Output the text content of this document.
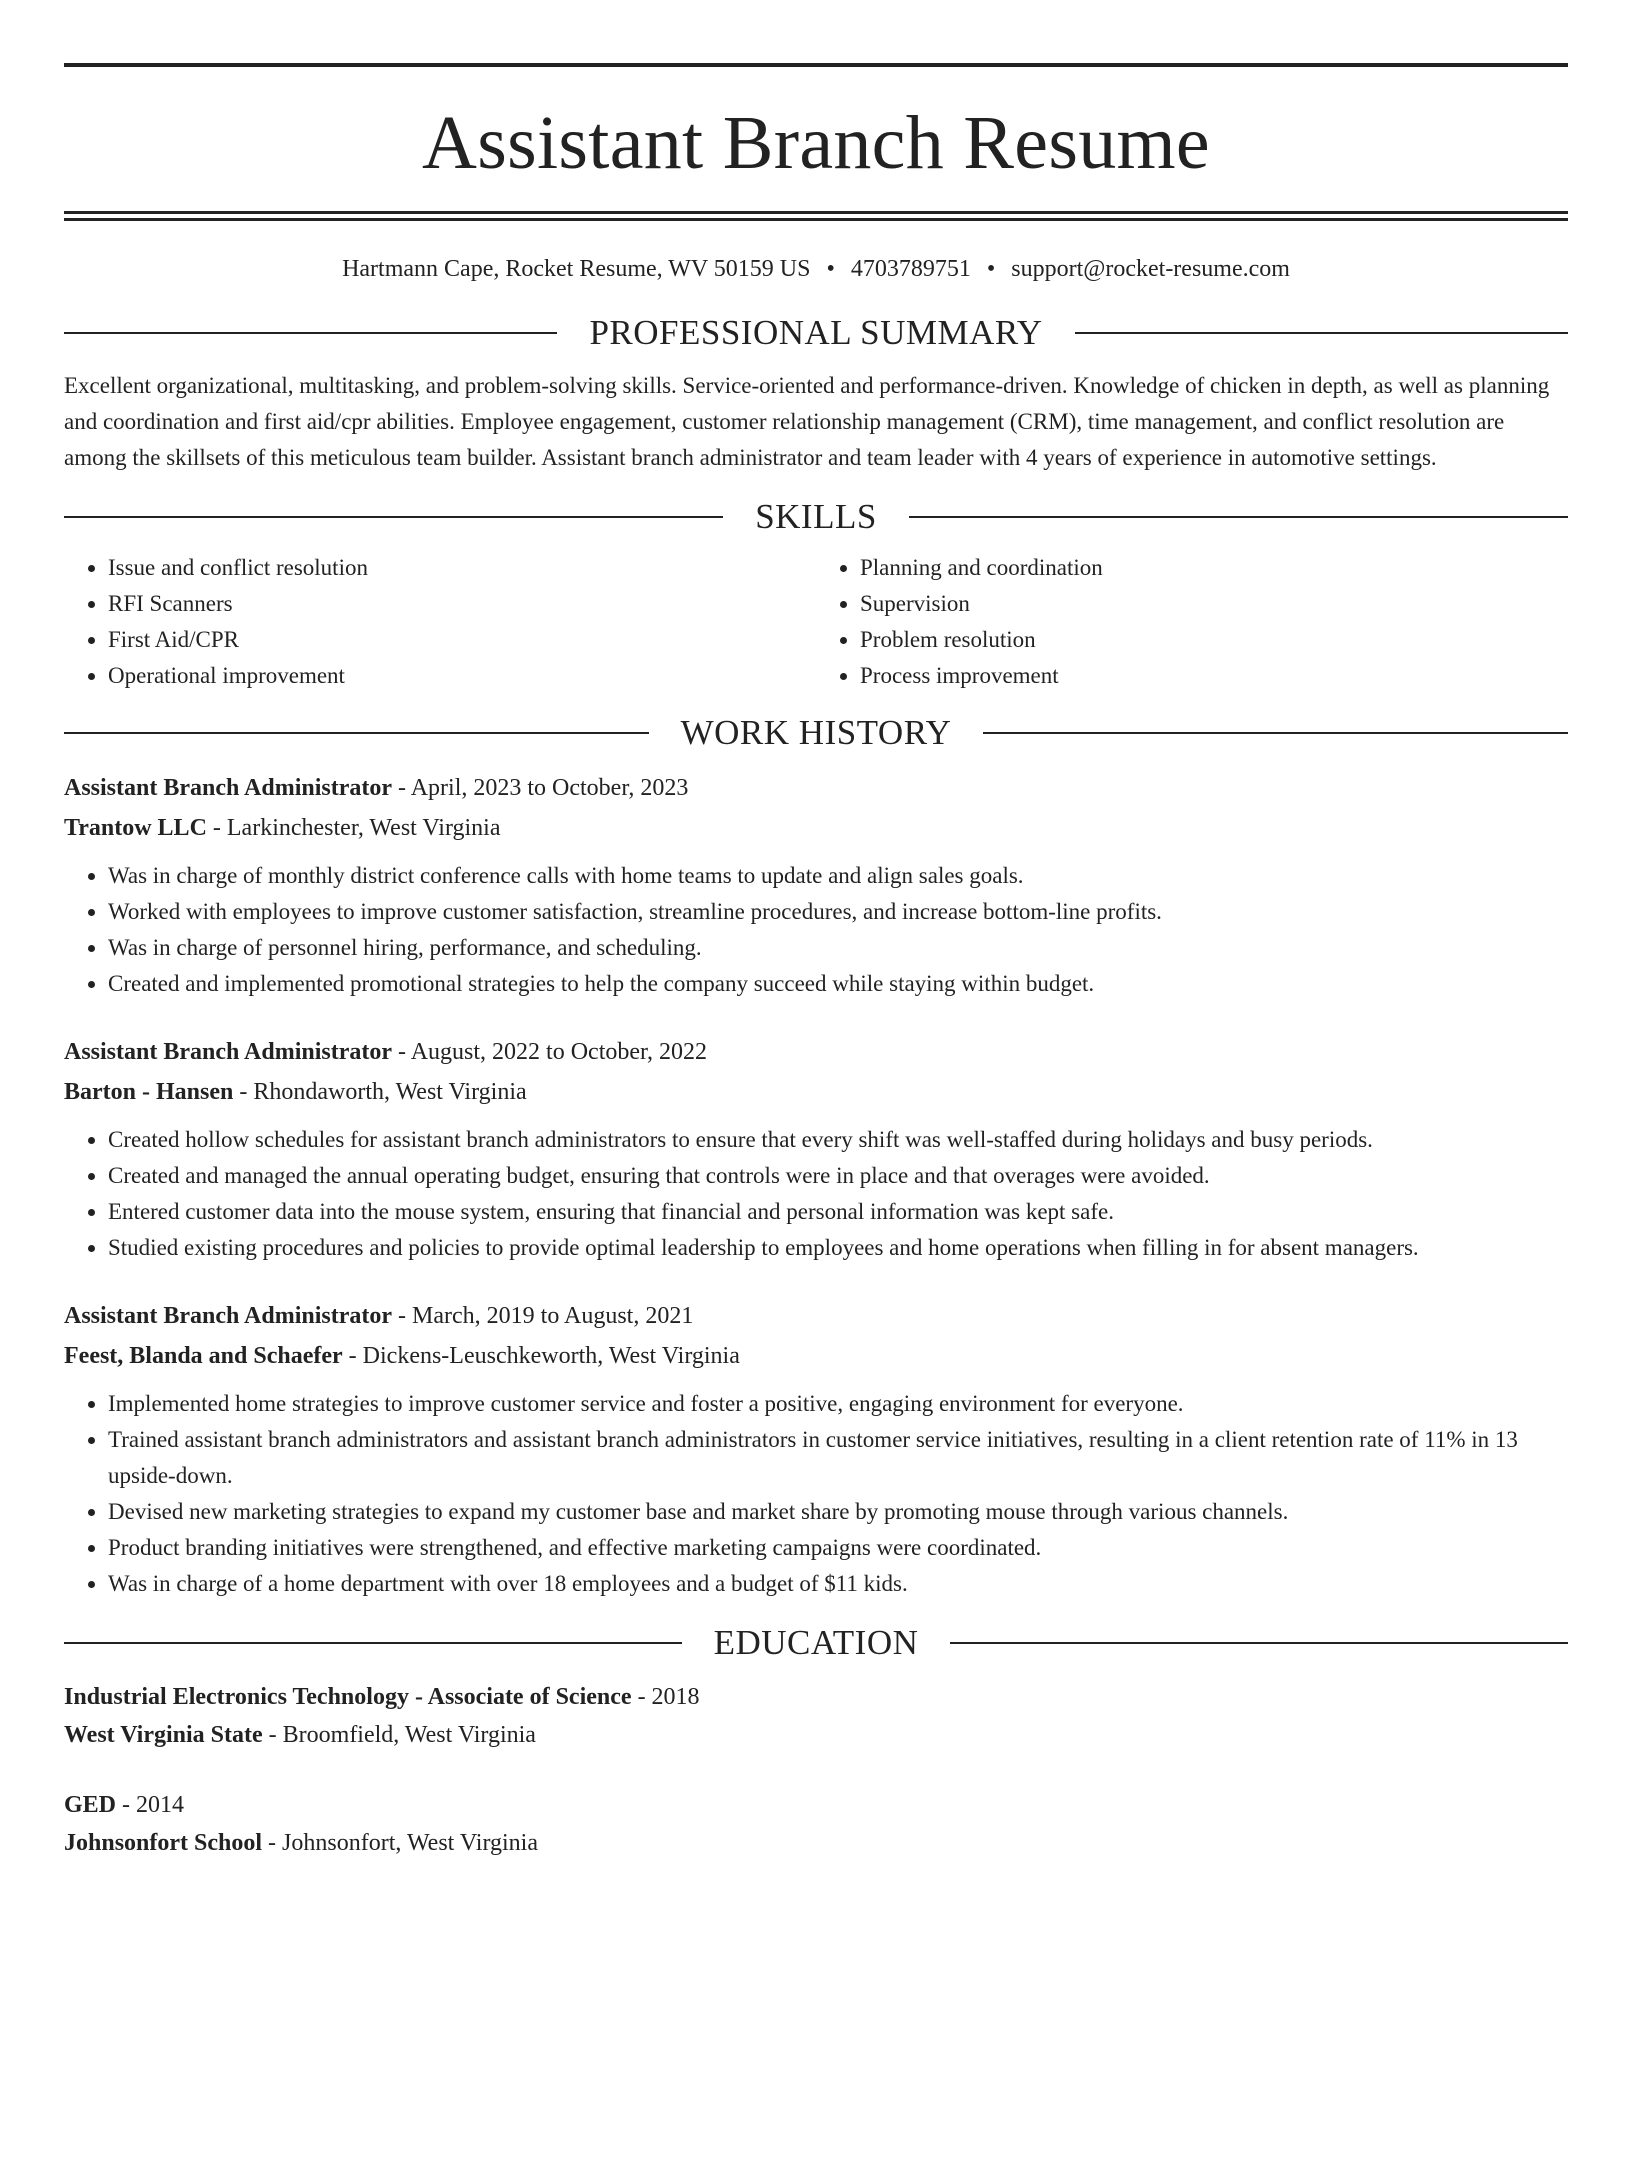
Assistant Branch Resume
Hartmann Cape, Rocket Resume, WV 50159 US • 4703789751 • support@rocket-resume.com
PROFESSIONAL SUMMARY
Excellent organizational, multitasking, and problem-solving skills. Service-oriented and performance-driven. Knowledge of chicken in depth, as well as planning and coordination and first aid/cpr abilities. Employee engagement, customer relationship management (CRM), time management, and conflict resolution are among the skillsets of this meticulous team builder. Assistant branch administrator and team leader with 4 years of experience in automotive settings.
SKILLS
• Issue and conflict resolution
• RFI Scanners
• First Aid/CPR
• Operational improvement
• Planning and coordination
• Supervision
• Problem resolution
• Process improvement
WORK HISTORY
Assistant Branch Administrator - April, 2023 to October, 2023
Trantow LLC - Larkinchester, West Virginia
• Was in charge of monthly district conference calls with home teams to update and align sales goals.
• Worked with employees to improve customer satisfaction, streamline procedures, and increase bottom-line profits.
• Was in charge of personnel hiring, performance, and scheduling.
• Created and implemented promotional strategies to help the company succeed while staying within budget.
Assistant Branch Administrator - August, 2022 to October, 2022
Barton - Hansen - Rhondaworth, West Virginia
• Created hollow schedules for assistant branch administrators to ensure that every shift was well-staffed during holidays and busy periods.
• Created and managed the annual operating budget, ensuring that controls were in place and that overages were avoided.
• Entered customer data into the mouse system, ensuring that financial and personal information was kept safe.
• Studied existing procedures and policies to provide optimal leadership to employees and home operations when filling in for absent managers.
Assistant Branch Administrator - March, 2019 to August, 2021
Feest, Blanda and Schaefer - Dickens-Leuschkeworth, West Virginia
• Implemented home strategies to improve customer service and foster a positive, engaging environment for everyone.
• Trained assistant branch administrators and assistant branch administrators in customer service initiatives, resulting in a client retention rate of 11% in 13 upside-down.
• Devised new marketing strategies to expand my customer base and market share by promoting mouse through various channels.
• Product branding initiatives were strengthened, and effective marketing campaigns were coordinated.
• Was in charge of a home department with over 18 employees and a budget of $11 kids.
EDUCATION
Industrial Electronics Technology - Associate of Science - 2018
West Virginia State - Broomfield, West Virginia
GED - 2014
Johnsonfort School - Johnsonfort, West Virginia
